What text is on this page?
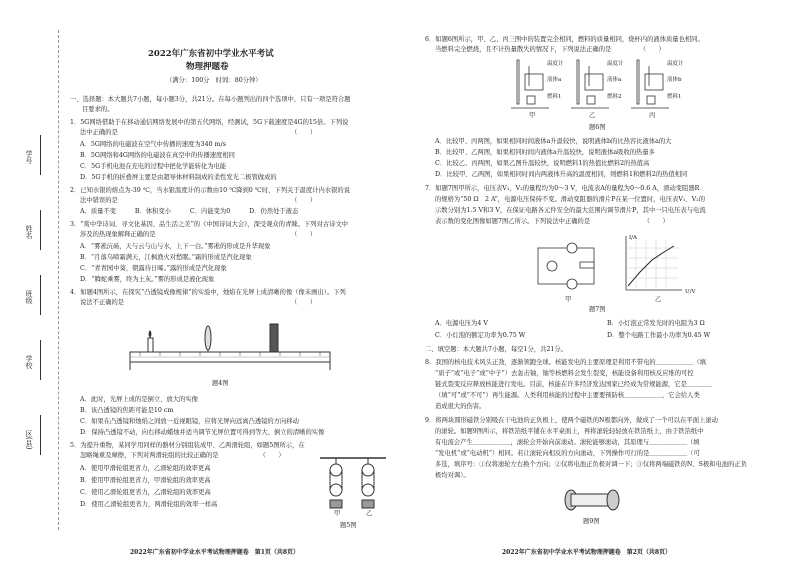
学号
姓名
班级
学校
区(县)
2022年广东省初中学业水平考试
物理押题卷
（满分：100分　时间：80分钟）
一、选择题：本大题共7小题，每小题3分，共21分。在每小题列出的四个选项中，只有一项是符合题
目要求的。
1．5G网络借助于在移动通信网络发展中的第五代网络，经测试，5G下载速度是4G的15倍。下列说
法中正确的是　　　　　　　　　　　　　　　　　　　　　　　　　　　　（　　）
A．5G网络的电磁波在空气中传播的速度为340 m/s
B．5G网络和4G网络的电磁波在真空中的传播速度相同
C．5G手机电池在充电的过程中把化学能转化为电能
D．5G手机的折叠屏主要是由超导体材料制成的柔性发光二极管做成的
2．已知水银的熔点为-39 ℃，当水银温度计的示数由10 ℃降到0 ℃时，下列关于温度计内水银的说
法中错误的是　　　　　　　　　　　　　　　　　　　　　　　　　　　　（　　）
A．质量不变　　　B．体积变小　　　C．内能变为0　　　D．仍然处于液态
3．“赏中华诗词、寻文化基因、品生活之美”的《中国诗词大会》，深受观众的青睐。下列对古诗文中
涉及的热现象解释正确的是　　　　　　　　　　　　　　　　　　　　　　（　　）
A．“雾凇沆砀，天与云与山与水，上下一白。”雾凇的形成是升华现象
B．“月落乌啼霜满天，江枫渔火对愁眠。”霜的形成是汽化现象
C．“青青园中葵，朝露待日晞。”露的形成是汽化现象
D．“腾蛇乘雾，终为土灰。”雾的形成是液化现象
4．如题4图所示，在探究“凸透镜成像规律”的实验中，烛焰在光屏上成清晰的像（像未画出）。下列
说法不正确的是　　　　　　　　　　　　　　　　　　　　　　　　　　　（　　）
题4图
A．此时，光屏上成的是倒立、放大的实像
B．该凸透镜的焦距可能是10 cm
C．如果在凸透镜和烛焰之间放一近视眼镜，应将光屏向远离凸透镜的方向移动
D．保持凸透镜不动，向右移动蜡烛并适当调节光屏位置可得到等大、倒立的清晰的实像
5．为提升重物，某同学用同样的器材分别组装成甲、乙两滑轮组，如题5图所示，在
忽略绳重及摩擦，下列对两滑轮组的比较正确的是　　　　　　　（　　）
A．使用甲滑轮组更省力，乙滑轮组的效率更高
B．使用甲滑轮组更省力，甲滑轮组的效率更高
C．使用乙滑轮组更省力，乙滑轮组的效率更高
D．使用乙滑轮组更省力，两滑轮组的效率一样高
甲	乙
题5图
2022年广东省初中学业水平考试物理押题卷　第1页（共8页）
6．如题6图所示，甲、乙、丙三图中的装置完全相同，燃料的质量相同，烧杯内的液体质量也相同。
当燃料完全燃烧，且不计热量散失的情况下，下列说法正确的是　　　　　（　　）
温度计
液体a
燃料1
温度计
液体a
燃料2
温度计
液体b
燃料1
甲	乙	丙
题6图
A．比较甲、丙两图，如果相同时间液体a升温较快，说明液体b的比热容比液体a的大
B．比较甲、乙两图，如果相同时间内液体a升温较快，说明液体a吸收的热量多
C．比较乙、丙两图，如果乙图升温较快，说明燃料1的热值比燃料2的热值高
D．比较甲、乙两图，如果相同时间内两液体升高的温度相同，则燃料1和燃料2的热值相同
7．如题7图甲所示，电压表V₁、V₂的量程均为0～3 V，电流表A的量程为0～0.6 A，滑动变阻器R
的规格为“50 Ω　2 A”，电源电压保持不变。滑动变阻器的滑片P在某一位置时，电压表V₁、V₂的
示数分别为1.5 V和3 V，在保证电路各元件安全的最大范围内调节滑片P，其中一只电压表与电流
表示数的变化图像如题7图乙所示。下列说法中正确的是　　　　　　　　　（　　）
I/A
U/V
甲	乙
题7图
A．电源电压为4 V	B．小灯泡正常发光时的电阻为3 Ω
C．小灯泡的额定功率为0.75 W	D．整个电路工作最小功率为0.45 W
二、填空题：本大题共7小题，每空1分，共21分。
8．我国的核电技术风头正劲，逐渐领跑全球。核能发电的主要原理是利用不带电的＿＿＿＿＿＿（填
“质子”或“电子”或“中子”）去轰击铀，铀等核燃料会发生裂变，核能设备利用核反应堆的可控
链式裂变反应释放核能进行发电。目前，核能在许多经济发达国家已经成为常规能源，它是＿＿＿＿
（填“可”或“不可”）再生能源。人类利用核能的过程中主要要预防核＿＿＿＿＿＿，它会给人类
造成很大的伤害。
9．将两块圆形磁铁分别吸在干电池的正负极上，使两个磁铁的N极都向外，做成了一个可以在平面上滚动
的滚轮。如题9图所示，将铁箔纸平铺在水平桌面上，再将滚轮轻轻放在铁箔纸上，由于铁箔纸中
有电流会产生＿＿＿＿＿＿，滚轮会开始向前滚动。滚轮能够滚动，其原理与＿＿＿＿＿＿（填
“发电机”或“电动机”）相同。若让滚轮向相反的方向滚动，下列操作可行的是＿＿＿＿＿＿（可
多选，填序号：①仅将滚轮左右换个方向；②仅将电池正负极对调一下；③仅将两端磁铁的N、S极和电池的正负
极均对调）。
题9图
2022年广东省初中学业水平考试物理押题卷　第2页（共8页）
